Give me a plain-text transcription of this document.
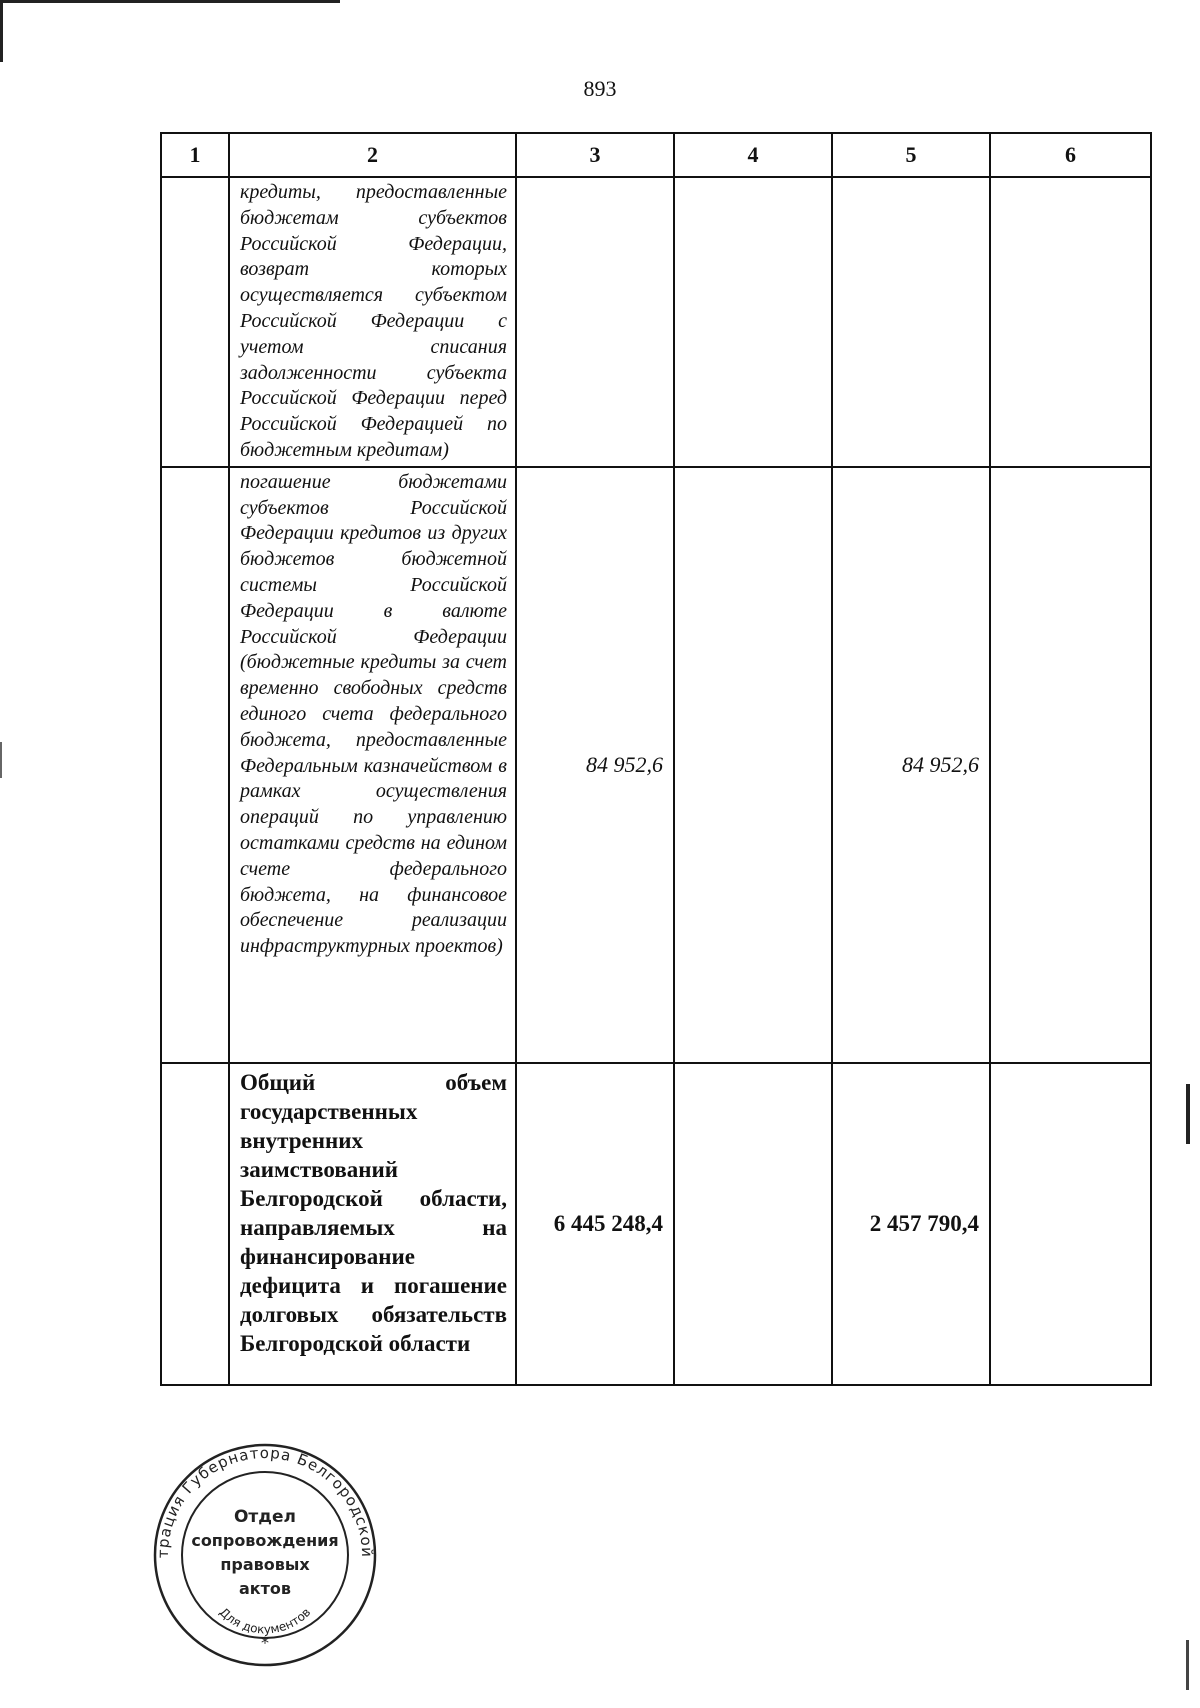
893
1	2	3	4	5	6

	кредиты, предоставленные бюджетам субъектов Российской Федерации, возврат которых осуществляется субъектом Российской Федерации с учетом списания задолженности субъекта Российской Федерации перед Российской Федерацией по бюджетным кредитам)				

	погашение бюджетами субъектов Российской Федерации кредитов из других бюджетов бюджетной системы Российской Федерации в валюте Российской Федерации (бюджетные кредиты за счет временно свободных средств единого счета федерального бюджета, предоставленные Федеральным казначейством в рамках осуществления операций по управлению остатками средств на едином счете федерального бюджета, на финансовое обеспечение реализации инфраструктурных проектов)	84 952,6		84 952,6	

	Общий объем государственных внутренних заимствований Белгородской области, направляемых на финансирование дефицита и погашение долговых обязательств Белгородской области	6 445 248,4		2 457 790,4	
трация Губернатора Белгородской
Отдел
сопровождения
правовых
актов
Для документов
*
